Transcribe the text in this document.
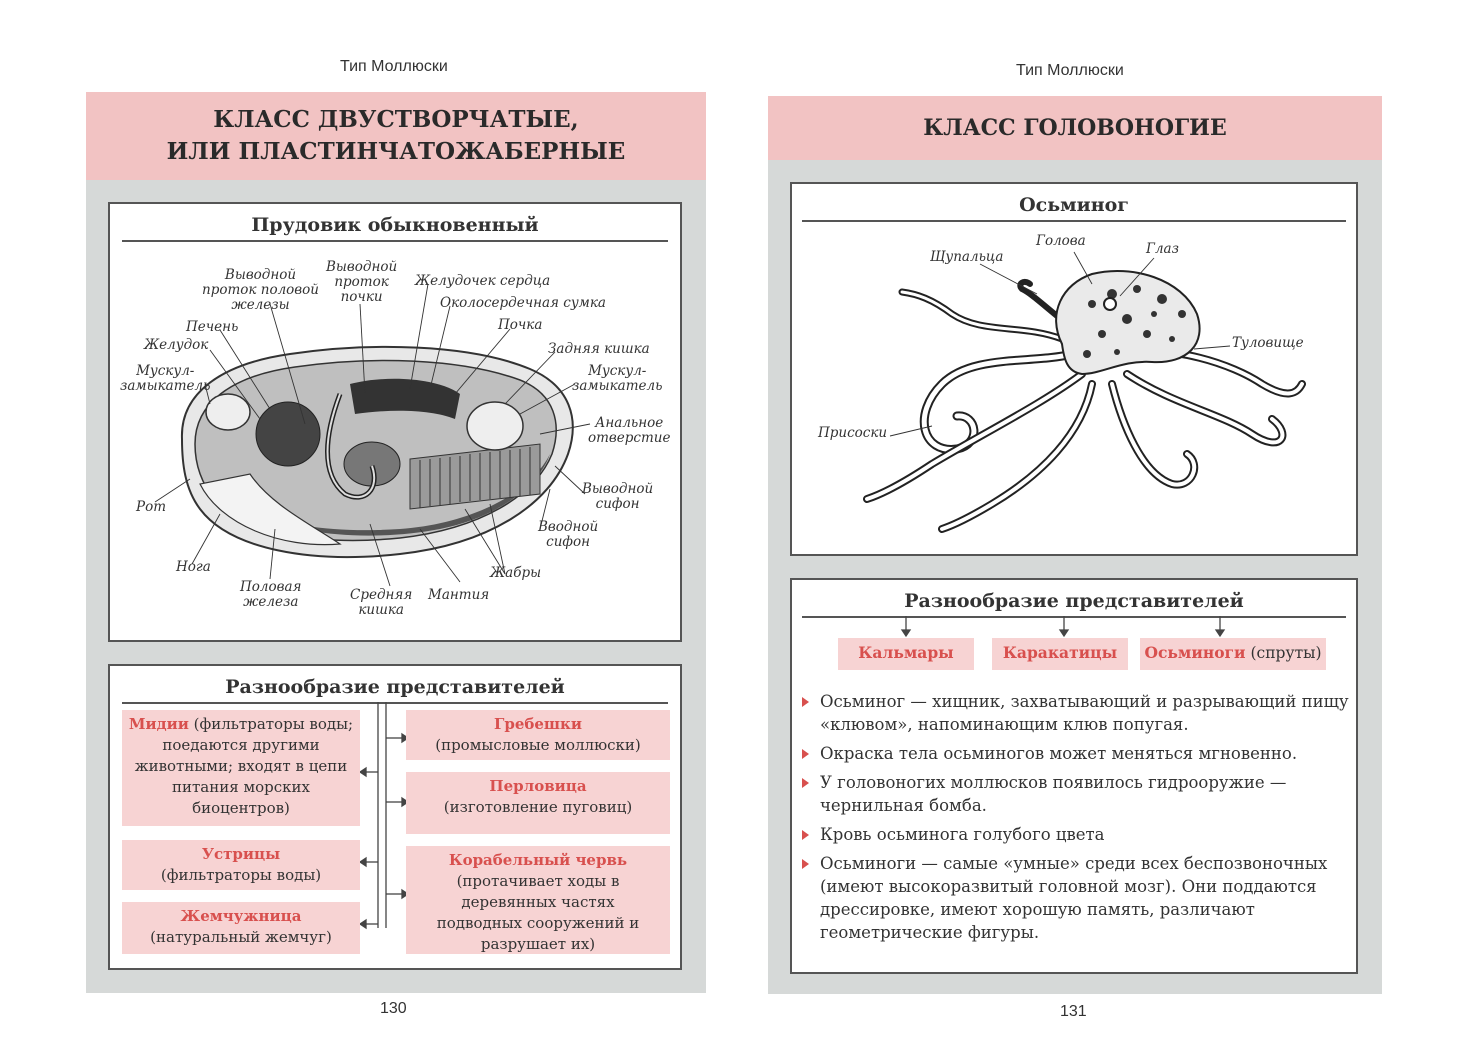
Тип Моллюски
КЛАСС ДВУСТВОРЧАТЫЕ,
ИЛИ ПЛАСТИНЧАТОЖАБЕРНЫЕ
Прудовик обыкновенный
Выводной
проток половой
железы
Выводной
проток
почки
Желудочек сердца
Околосердечная сумка
Печень	Почка
Желудок	Задняя кишка
Мускул-
замыкатель
Мускул-
замыкатель
Анальное
отверстие
Рот
Выводной
сифон
Вводной
сифон
Нога	Жабры
Половая
железа	Средняя
кишка
Мантия
Разнообразие представителей
Мидии (фильтраторы воды; поедаются другими животными; входят в цепи питания морских биоцентров)
Устрицы
(фильтраторы воды)
Жемчужница
(натуральный жемчуг)
Гребешки
(промысловые моллюски)
Перловица
(изготовление пуговиц)
Корабельный червь
(протачивает ходы в деревянных частях подводных сооружений и разрушает их)
130
Тип Моллюски
КЛАСС ГОЛОВОНОГИЕ
Осьминог
Голова
Щупальца	Глаз
Туловище
Присоски
Разнообразие представителей
Кальмары	Каракатицы	Осьминоги (спруты)
Осьминог — хищник, захватывающий и разрывающий пищу «клювом», напоминающим клюв попугая.
Окраска тела осьминогов может меняться мгновенно.
У головоногих моллюсков появилось гидрооружие — чернильная бомба.
Кровь осьминога голубого цвета
Осьминоги — самые «умные» среди всех беспозвоночных (имеют высокоразвитый головной мозг). Они поддаются дрессировке, имеют хорошую память, различают геометрические фигуры.
131
